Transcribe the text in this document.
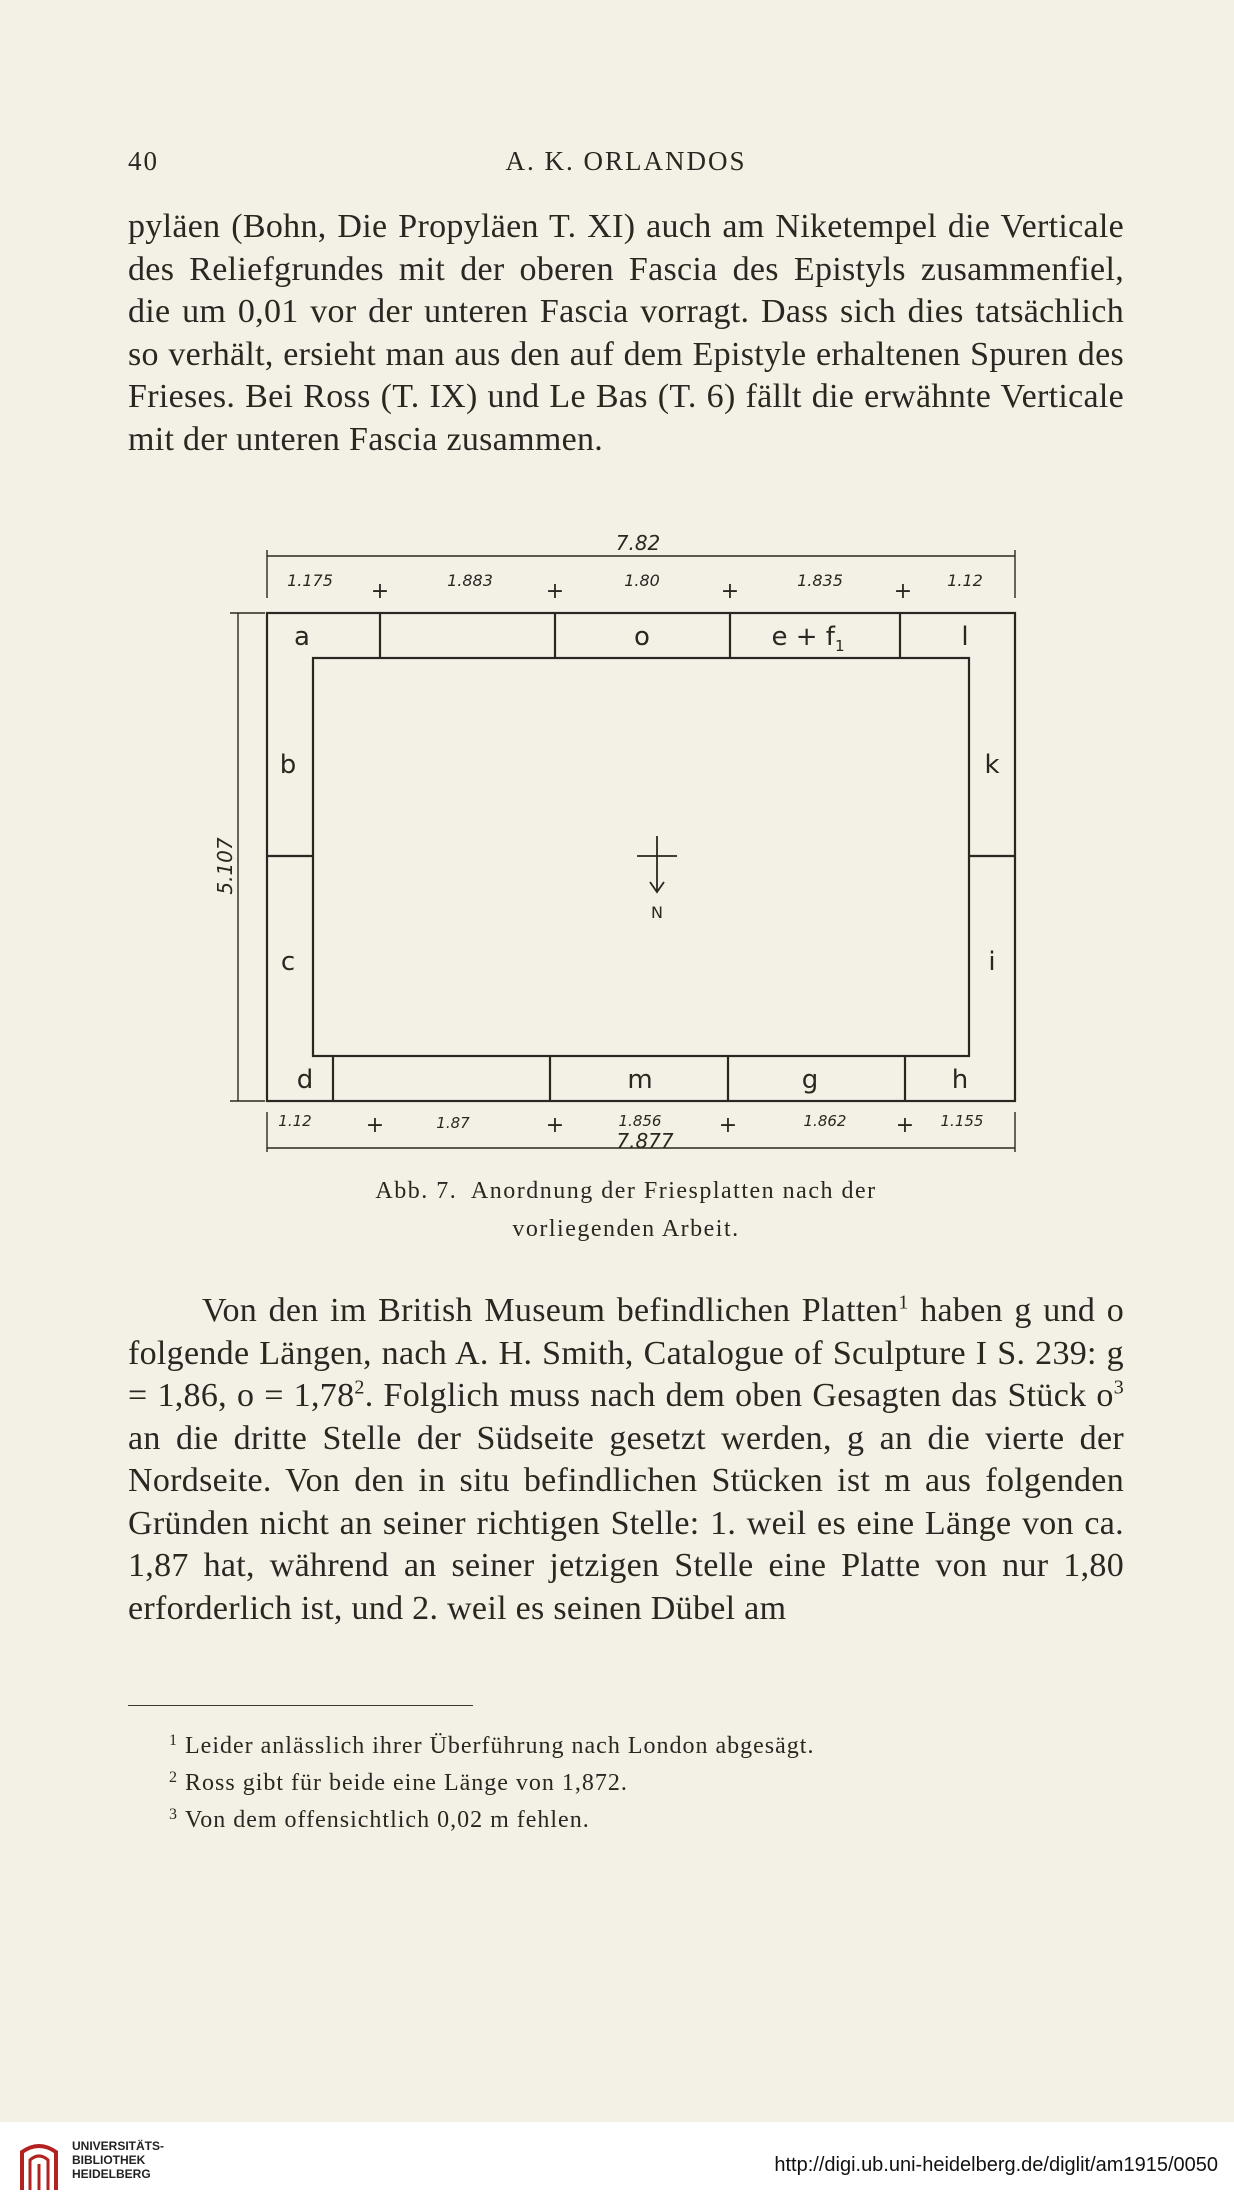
40	A. K. ORLANDOS

pyläen (Bohn, Die Propyläen T. XI) auch am Niketempel die Verticale des Reliefgrundes mit der oberen Fascia des Epistyls zusammenfiel, die um 0,01 vor der unteren Fascia vorragt. Dass sich dies tatsächlich so verhält, ersieht man aus den auf dem Epistyle erhaltenen Spuren des Frieses. Bei Ross (T. IX) und Le Bas (T. 6) fällt die erwähnte Verticale mit der unteren Fascia zusammen.

+	+	+	+
+	+	+	+
7.82
1.175	1.883	1.80	1.835	1.12
1.12	1.87	1.856	1.862	1.155
7.877
5.107
a	o	$e + f_1$	l
b
c
k
i
d	m	g	h
N
Abb. 7.  Anordnung der Friesplatten nach der
vorliegenden Arbeit.

Von den im British Museum befindlichen Platten$^1$ haben g und o folgende Längen, nach A. H. Smith, Catalogue of Sculpture I S. 239: g = 1,86, $o = 1,78^2$. Folglich muss nach dem oben Gesagten das Stück $o^3$ an die dritte Stelle der Südseite gesetzt werden, g an die vierte der Nordseite. Von den in situ befindlichen Stücken ist m aus folgenden Gründen nicht an seiner richtigen Stelle: 1. weil es eine Länge von ca. 1,87 hat, während an seiner jetzigen Stelle eine Platte von nur 1,80 erforderlich ist, und 2. weil es seinen Dübel am

1 Leider anlässlich ihrer Überführung nach London abgesägt.
2 Ross gibt für beide eine Länge von 1,872.
3 Von dem offensichtlich 0,02 m fehlen.
UNIVERSITÄTS-
BIBLIOTHEK
HEIDELBERG	http://digi.ub.uni-heidelberg.de/diglit/am1915/0050
